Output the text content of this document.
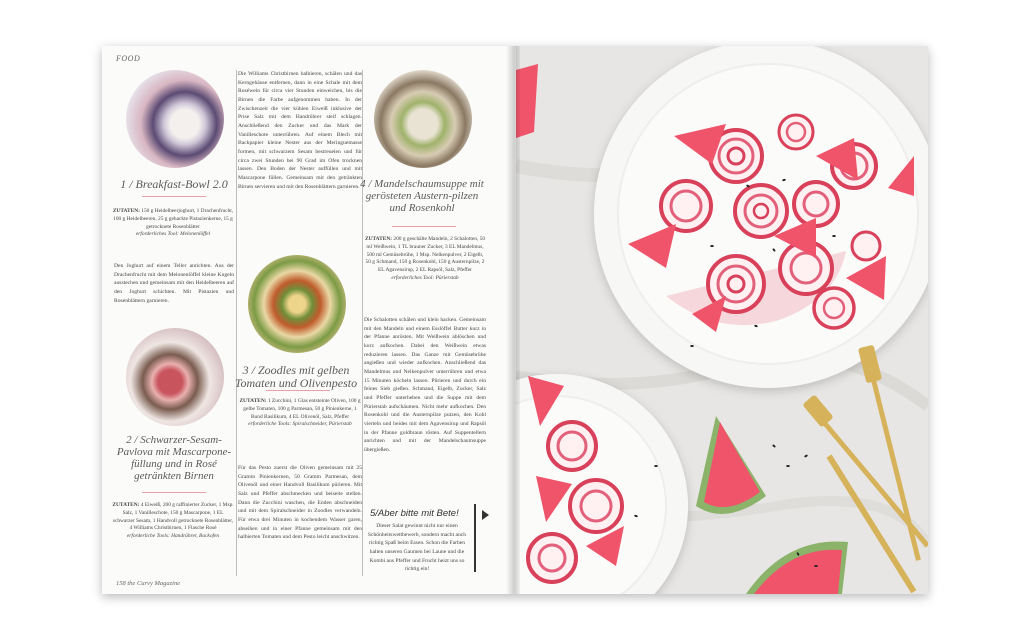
FOOD
1 / Breakfast-Bowl 2.0
ZUTATEN: 150 g Heidelbeerjoghurt, 1 Drachenfrucht, 100 g Heidelbeeren, 25 g gehackte Pistazienkerne, 15 g getrocknete Rosenblätter
erforderliches Tool: Melonenlöffel
Den Joghurt auf einem Teller anrichten. Aus der Drachenfrucht mit dem Melonenlöffel kleine Kugeln ausstechen und gemeinsam mit den Heidelbeeren auf den Joghurt schichten. Mit Pistazien und Rosenblättern garnieren.
2 / Schwarzer-Sesam-Pavlova mit Mascarpone-füllung und in Rosé getränkten Birnen
ZUTATEN: 4 Eiweiß, 200 g raffinierter Zucker, 1 Msp. Salz, 1 Vanilleschote, 150 g Mascarpone, 1 EL schwarzer Sesam, 1 Handvoll getrocknete Rosenblätter, 4 Williams Christbirnen, 1 Flasche Rosé
erforderliche Tools: Handrührer, Backofen
Die Williams Christbirnen halbieren, schälen und das Kerngehäuse entfernen, dann in eine Schale mit dem Roséwein für circa vier Stunden einweichen, bis die Birnen die Farbe aufgenommen haben. In der Zwischenzeit die vier kühlen Eiweiß inklusive der Prise Salz mit dem Handrührer steif schlagen. Anschließend den Zucker und das Mark der Vanilleschote unterrühren. Auf einem Blech mit Backpapier kleine Nester aus der Meringuemasse formen, mit schwarzem Sesam bestreuelen und für circa zwei Stunden bei 90 Grad im Ofen trocknen lassen. Den Boden der Nester auffüllen und mit Mascarpone füllen. Gemeinsam mit den getränkten Birnen servieren und mit den Rosenblättern garnieren.
3 / Zoodles mit gelben Tomaten und Olivenpesto
ZUTATEN: 1 Zucchini, 1 Glas entsteinte Oliven, 100 g gelbe Tomaten, 100 g Parmesan, 50 g Pinienkerne, 1 Bund Basilikum, 4 EL Olivenöl, Salz, Pfeffer
erforderliche Tools: Spiralschneider, Pürierstab
Für das Pesto zuerst die Oliven gemeinsam mit 25 Gramm Pinienkernen, 50 Gramm Parmesan, dem Olivenöl und einer Handvoll Basilikum pürieren. Mit Salz und Pfeffer abschmecken und beiseite stellen. Dann die Zucchini waschen, die Enden abschneiden und mit dem Spiralschneider in Zoodles verwandeln. Für etwa drei Minuten in kochendem Wasser garen, abseihen und in einer Pfanne gemeinsam mit den halbierten Tomaten und dem Pesto leicht anschwitzen.
4 / Mandelschaumsuppe mit gerösteten Austern-pilzen und Rosenkohl
ZUTATEN: 200 g geschälte Mandeln, 2 Schalotten, 50 ml Weißwein, 1 TL brauner Zucker, 3 EL Mandelmus, 500 ml Gemüsebrühe, 1 Msp. Nelkenpulver, 2 Eigelb, 50 g Schmand, 150 g Rosenkohl, 150 g Austernpilze, 2 EL Agavensirup, 2 EL Rapsöl, Salz, Pfeffer
erforderliches Tool: Pürierstab
Die Schalotten schälen und klein hacken. Gemeinsam mit den Mandeln und einem Esslöffel Butter kurz in der Pfanne anrösten. Mit Weißwein ablöschen und kurz aufkochen. Dabei den Weißwein etwas reduzieren lassen. Das Ganze mit Gemüsebrühe angießen und wieder aufkochen. Anschließend das Mandelmus und Nelkenpulver unterrühren und etwa 15 Minuten köcheln lassen. Pürieren und durch ein feines Sieb gießen. Schmand, Eigelb, Zucker, Salz und Pfeffer unterheben und die Suppe mit dem Pürierstab aufschäumen. Nicht mehr aufkochen. Den Rosenkohl und die Austernpilze putzen, den Kohl vierteln und beides mit dem Agavensirup und Rapsöl in der Pfanne goldbraun rösten. Auf Suppentellern anrichten und mit der Mandelschaumsuppe übergießen.
5/Aber bitte mit Bete!
Dieser Salat gewinnt nicht nur einen Schönheitswettbewerb, sondern macht auch richtig Spaß beim Essen. Schon die Farben halten unseren Gaumen bei Laune und die Kombi aus Pfeffer und Frucht heizt uns so richtig ein!
158 the Curvy Magazine
